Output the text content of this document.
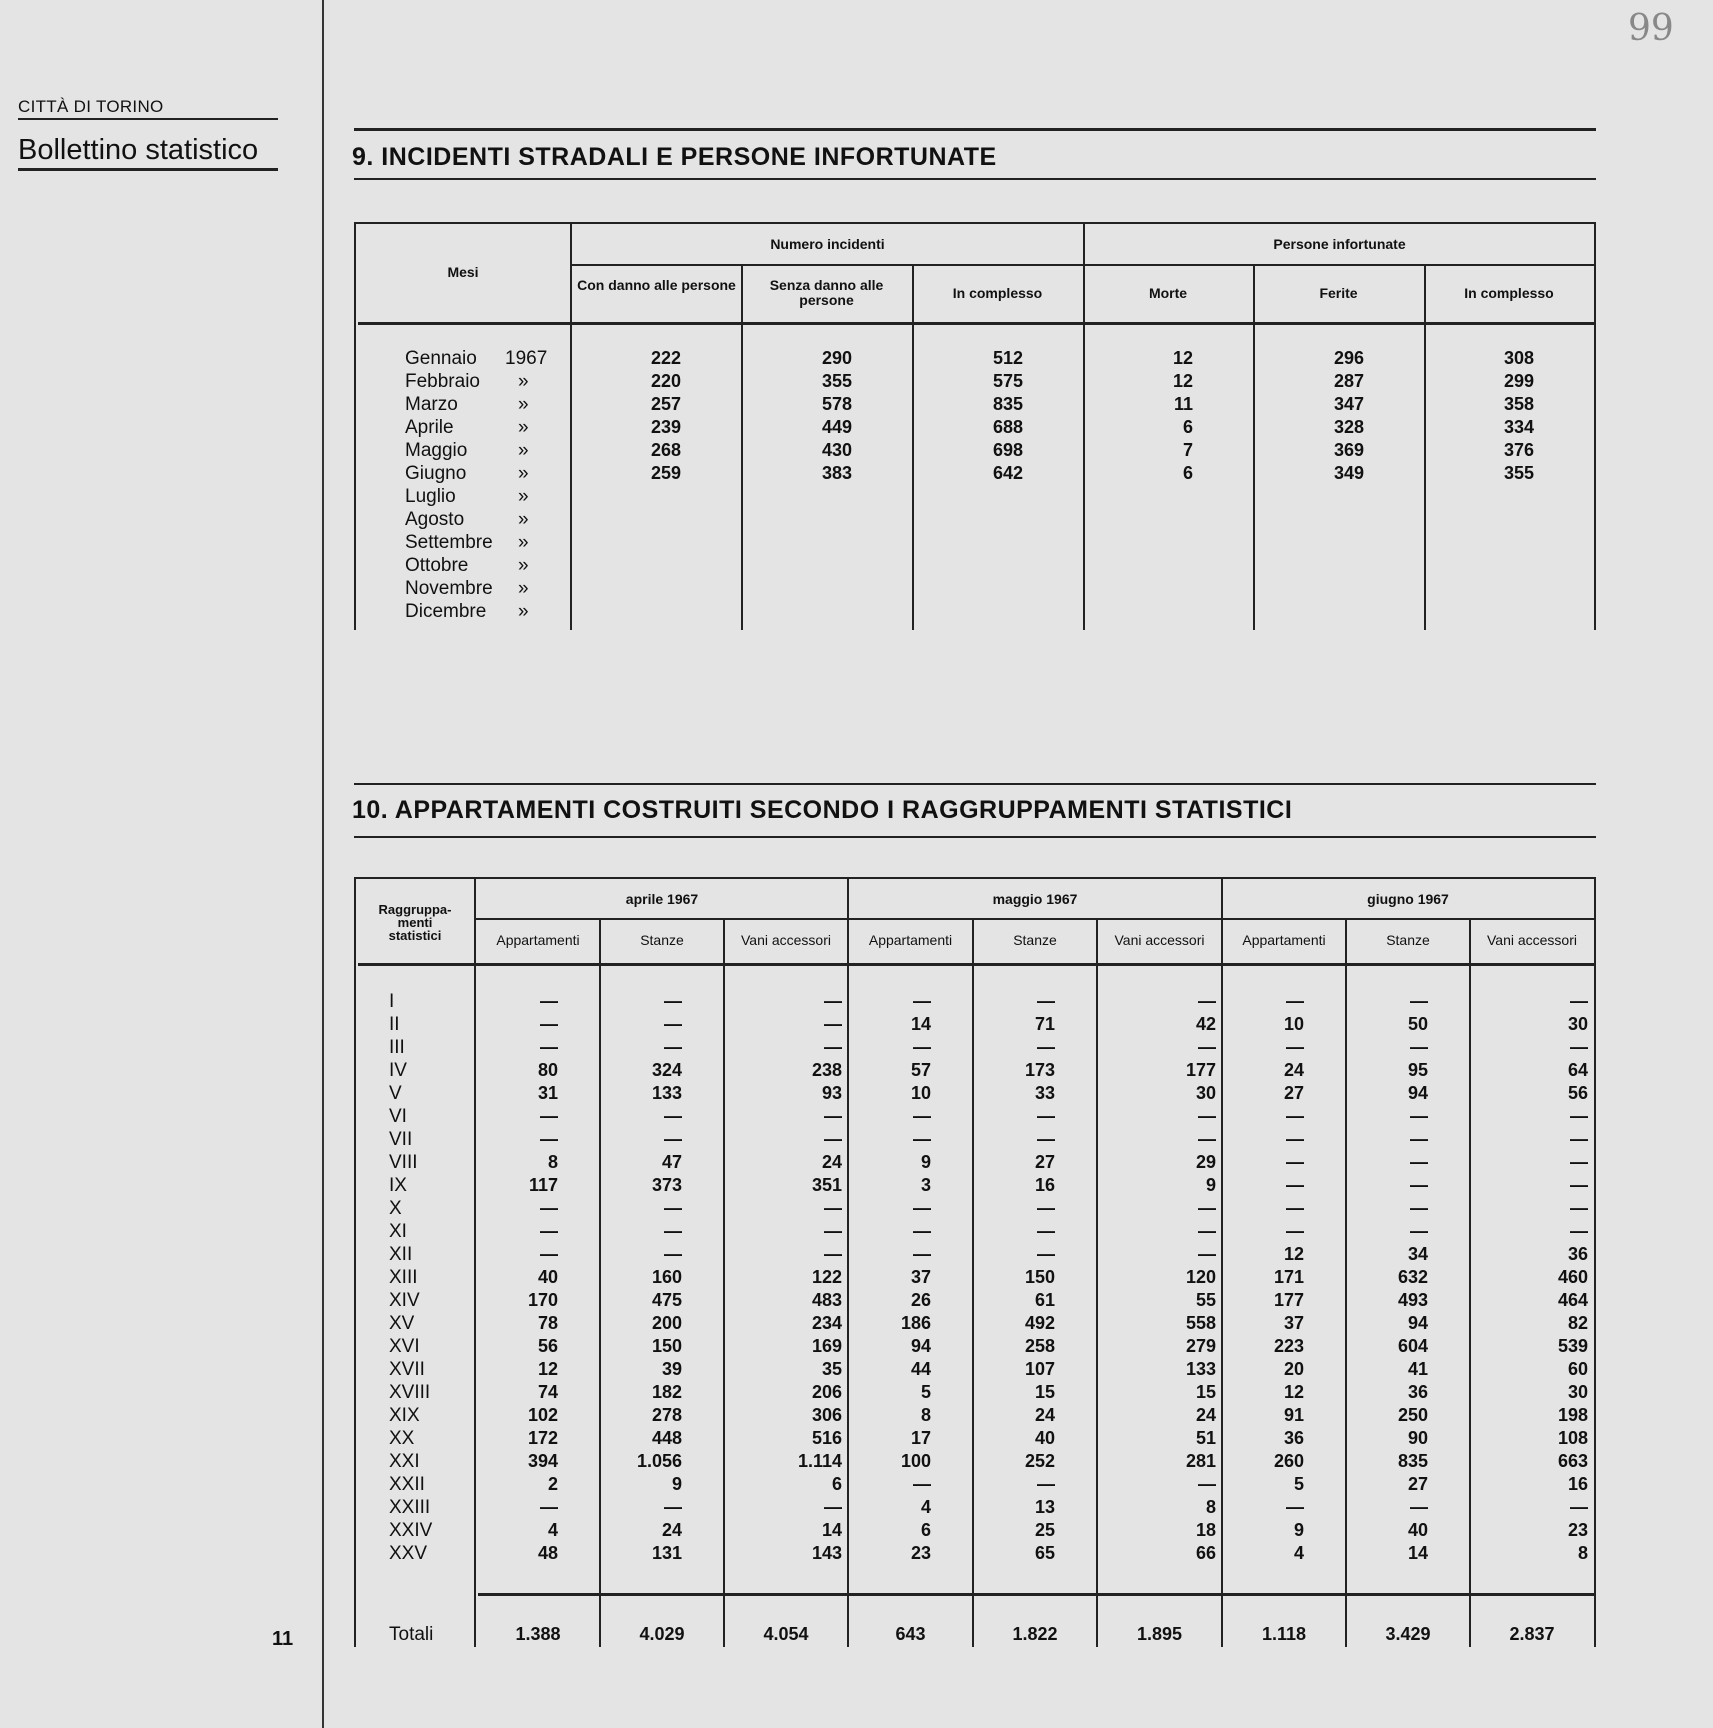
CITTÀ DI TORINO
Bollettino statistico
11
99
9. INCIDENTI STRADALI E PERSONE INFORTUNATE
Mesi
Numero incidenti	Persone infortunate
Con danno alle persone	Senza danno alle persone	In complesso	Morte	Ferite	In complesso
Gennaio 1967	222	290	512	12	296	308
Febbraio »	220	355	575	12	287	299
Marzo	»	257	578	835	11	347	358
Aprile	»	239	449	688	6	328	334
Maggio	»	268	430	698	7	369	376
Giugno	»	259	383	642	6	349	355
Luglio	»
Agosto	»
Settembre »
Ottobre	»
Novembre »
Dicembre »
10. APPARTAMENTI COSTRUITI SECONDO I RAGGRUPPAMENTI STATISTICI
Raggruppa-
menti
statistici
aprile 1967	maggio 1967	giugno 1967
Appartamenti	Stanze	Vani accessori	Appartamenti	Stanze	Vani accessori	Appartamenti	Stanze	Vani accessori
I	—	—	—	—	—	—	—	—	—
II	—	—	—	14	71	42	10	50	30
III	—	—	—	—	—	—	—	—	—
IV	80	324	238	57	173	177	24	95	64
V	31	133	93	10	33	30	27	94	56
VI	—	—	—	—	—	—	—	—	—
VII	—	—	—	—	—	—	—	—	—
VIII	8	47	24	9	27	29	—	—	—
IX	117	373	351	3	16	9	—	—	—
X	—	—	—	—	—	—	—	—	—
XI	—	—	—	—	—	—	—	—	—
XII	—	—	—	—	—	—	12	34	36
XIII	40	160	122	37	150	120	171	632	460
XIV	170	475	483	26	61	55	177	493	464
XV	78	200	234	186	492	558	37	94	82
XVI	56	150	169	94	258	279	223	604	539
XVII	12	39	35	44	107	133	20	41	60
XVIII	74	182	206	5	15	15	12	36	30
XIX	102	278	306	8	24	24	91	250	198
XX	172	448	516	17	40	51	36	90	108
XXI	394	1.056	1.114	100	252	281	260	835	663
XXII	2	9	6	—	—	—	5	27	16
XXIII	—	—	—	4	13	8	—	—	—
XXIV	4	24	14	6	25	18	9	40	23
XXV	48	131	143	23	65	66	4	14	8
Totali	1.388	4.029	4.054	643	1.822	1.895	1.118	3.429	2.837
